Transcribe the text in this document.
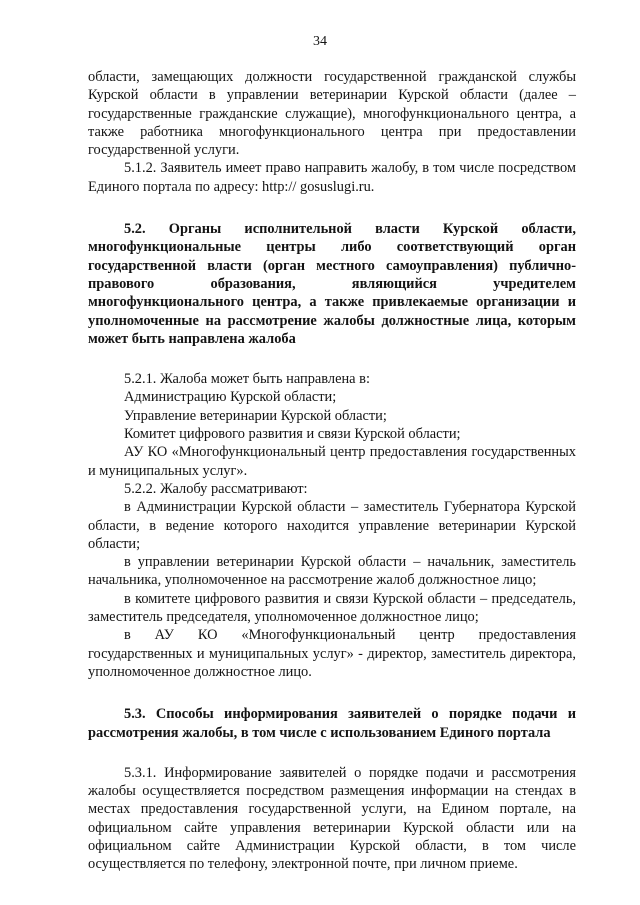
34

области, замещающих должности государственной гражданской службы Курской области в управлении ветеринарии Курской области (далее – государственные гражданские служащие), многофункционального центра, а также работника многофункционального центра при предоставлении государственной услуги.

5.1.2. Заявитель имеет право направить жалобу, в том числе посредством Единого портала по адресу: http:// gosuslugi.ru.

5.2. Органы исполнительной власти Курской области, многофункциональные центры либо соответствующий орган государственной власти (орган местного самоуправления) публично-правового образования, являющийся учредителем многофункционального центра, а также привлекаемые организации и уполномоченные на рассмотрение жалобы должностные лица, которым может быть направлена жалоба

5.2.1. Жалоба может быть направлена в:

Администрацию Курской области;
Управление ветеринарии Курской области;
Комитет цифрового развития и связи Курской области;
АУ КО «Многофункциональный центр предоставления государственных и муниципальных услуг».

5.2.2. Жалобу рассматривают:

в Администрации Курской области – заместитель Губернатора Курской области, в ведение которого находится управление ветеринарии Курской области;
в управлении ветеринарии Курской области – начальник, заместитель начальника, уполномоченное на рассмотрение жалоб должностное лицо;
в комитете цифрового развития и связи Курской области – председатель, заместитель председателя, уполномоченное должностное лицо;
в АУ КО «Многофункциональный центр предоставления государственных и муниципальных услуг» - директор, заместитель директора, уполномоченное должностное лицо.

5.3. Способы информирования заявителей о порядке подачи и рассмотрения жалобы, в том числе с использованием Единого портала

5.3.1. Информирование заявителей о порядке подачи и рассмотрения жалобы осуществляется посредством размещения информации на стендах в местах предоставления государственной услуги, на Едином портале, на официальном сайте управления ветеринарии Курской области или на официальном сайте Администрации Курской области, в том числе осуществляется по телефону, электронной почте, при личном приеме.
